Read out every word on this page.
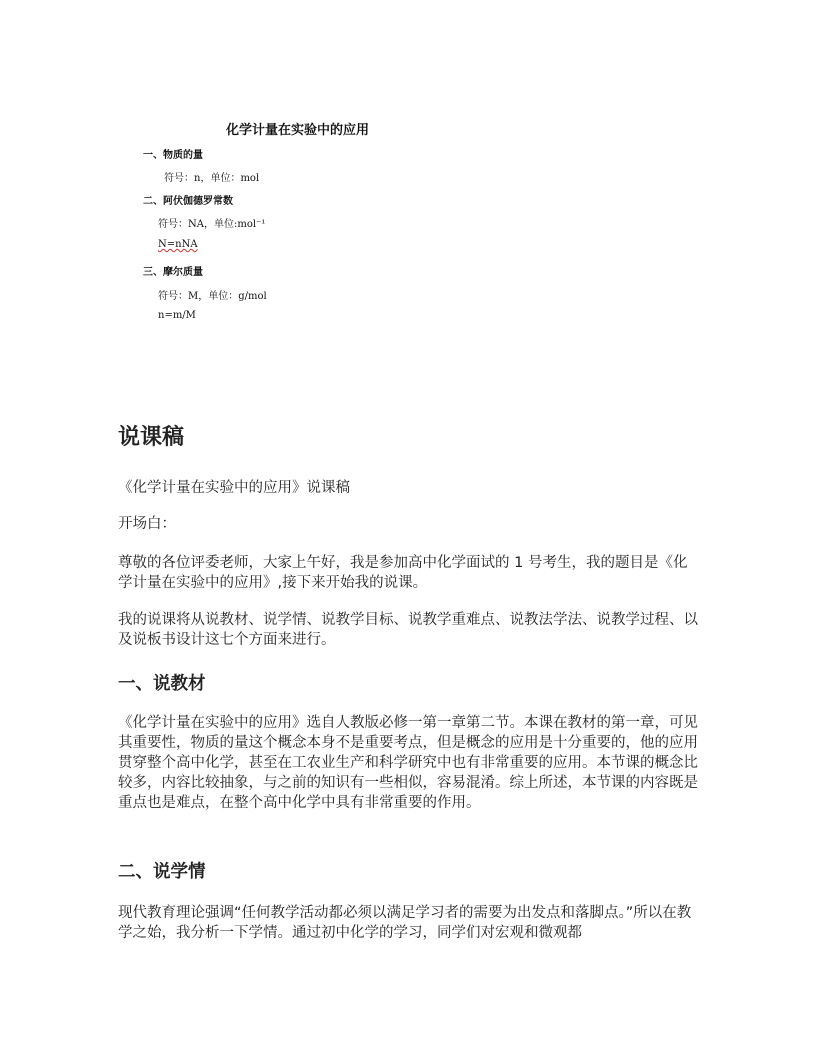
化学计量在实验中的应用
一、物质的量
符号：n，单位：mol
二、阿伏伽德罗常数
符号：NA，单位:mol⁻¹
N=nNA
三、摩尔质量
符号：M，单位：g/mol
n=m/M
说课稿

《化学计量在实验中的应用》说课稿

开场白：

尊敬的各位评委老师，大家上午好，我是参加高中化学面试的 1 号考生，我的题目是《化学计量在实验中的应用》,接下来开始我的说课。

我的说课将从说教材、说学情、说教学目标、说教学重难点、说教法学法、说教学过程、以及说板书设计这七个方面来进行。

一、说教材

《化学计量在实验中的应用》选自人教版必修一第一章第二节。本课在教材的第一章，可见其重要性，物质的量这个概念本身不是重要考点，但是概念的应用是十分重要的，他的应用贯穿整个高中化学，甚至在工农业生产和科学研究中也有非常重要的应用。本节课的概念比较多，内容比较抽象，与之前的知识有一些相似，容易混淆。综上所述，本节课的内容既是重点也是难点，在整个高中化学中具有非常重要的作用。

二、说学情

现代教育理论强调“任何教学活动都必须以满足学习者的需要为出发点和落脚点。”所以在教学之始，我分析一下学情。通过初中化学的学习，同学们对宏观和微观都
